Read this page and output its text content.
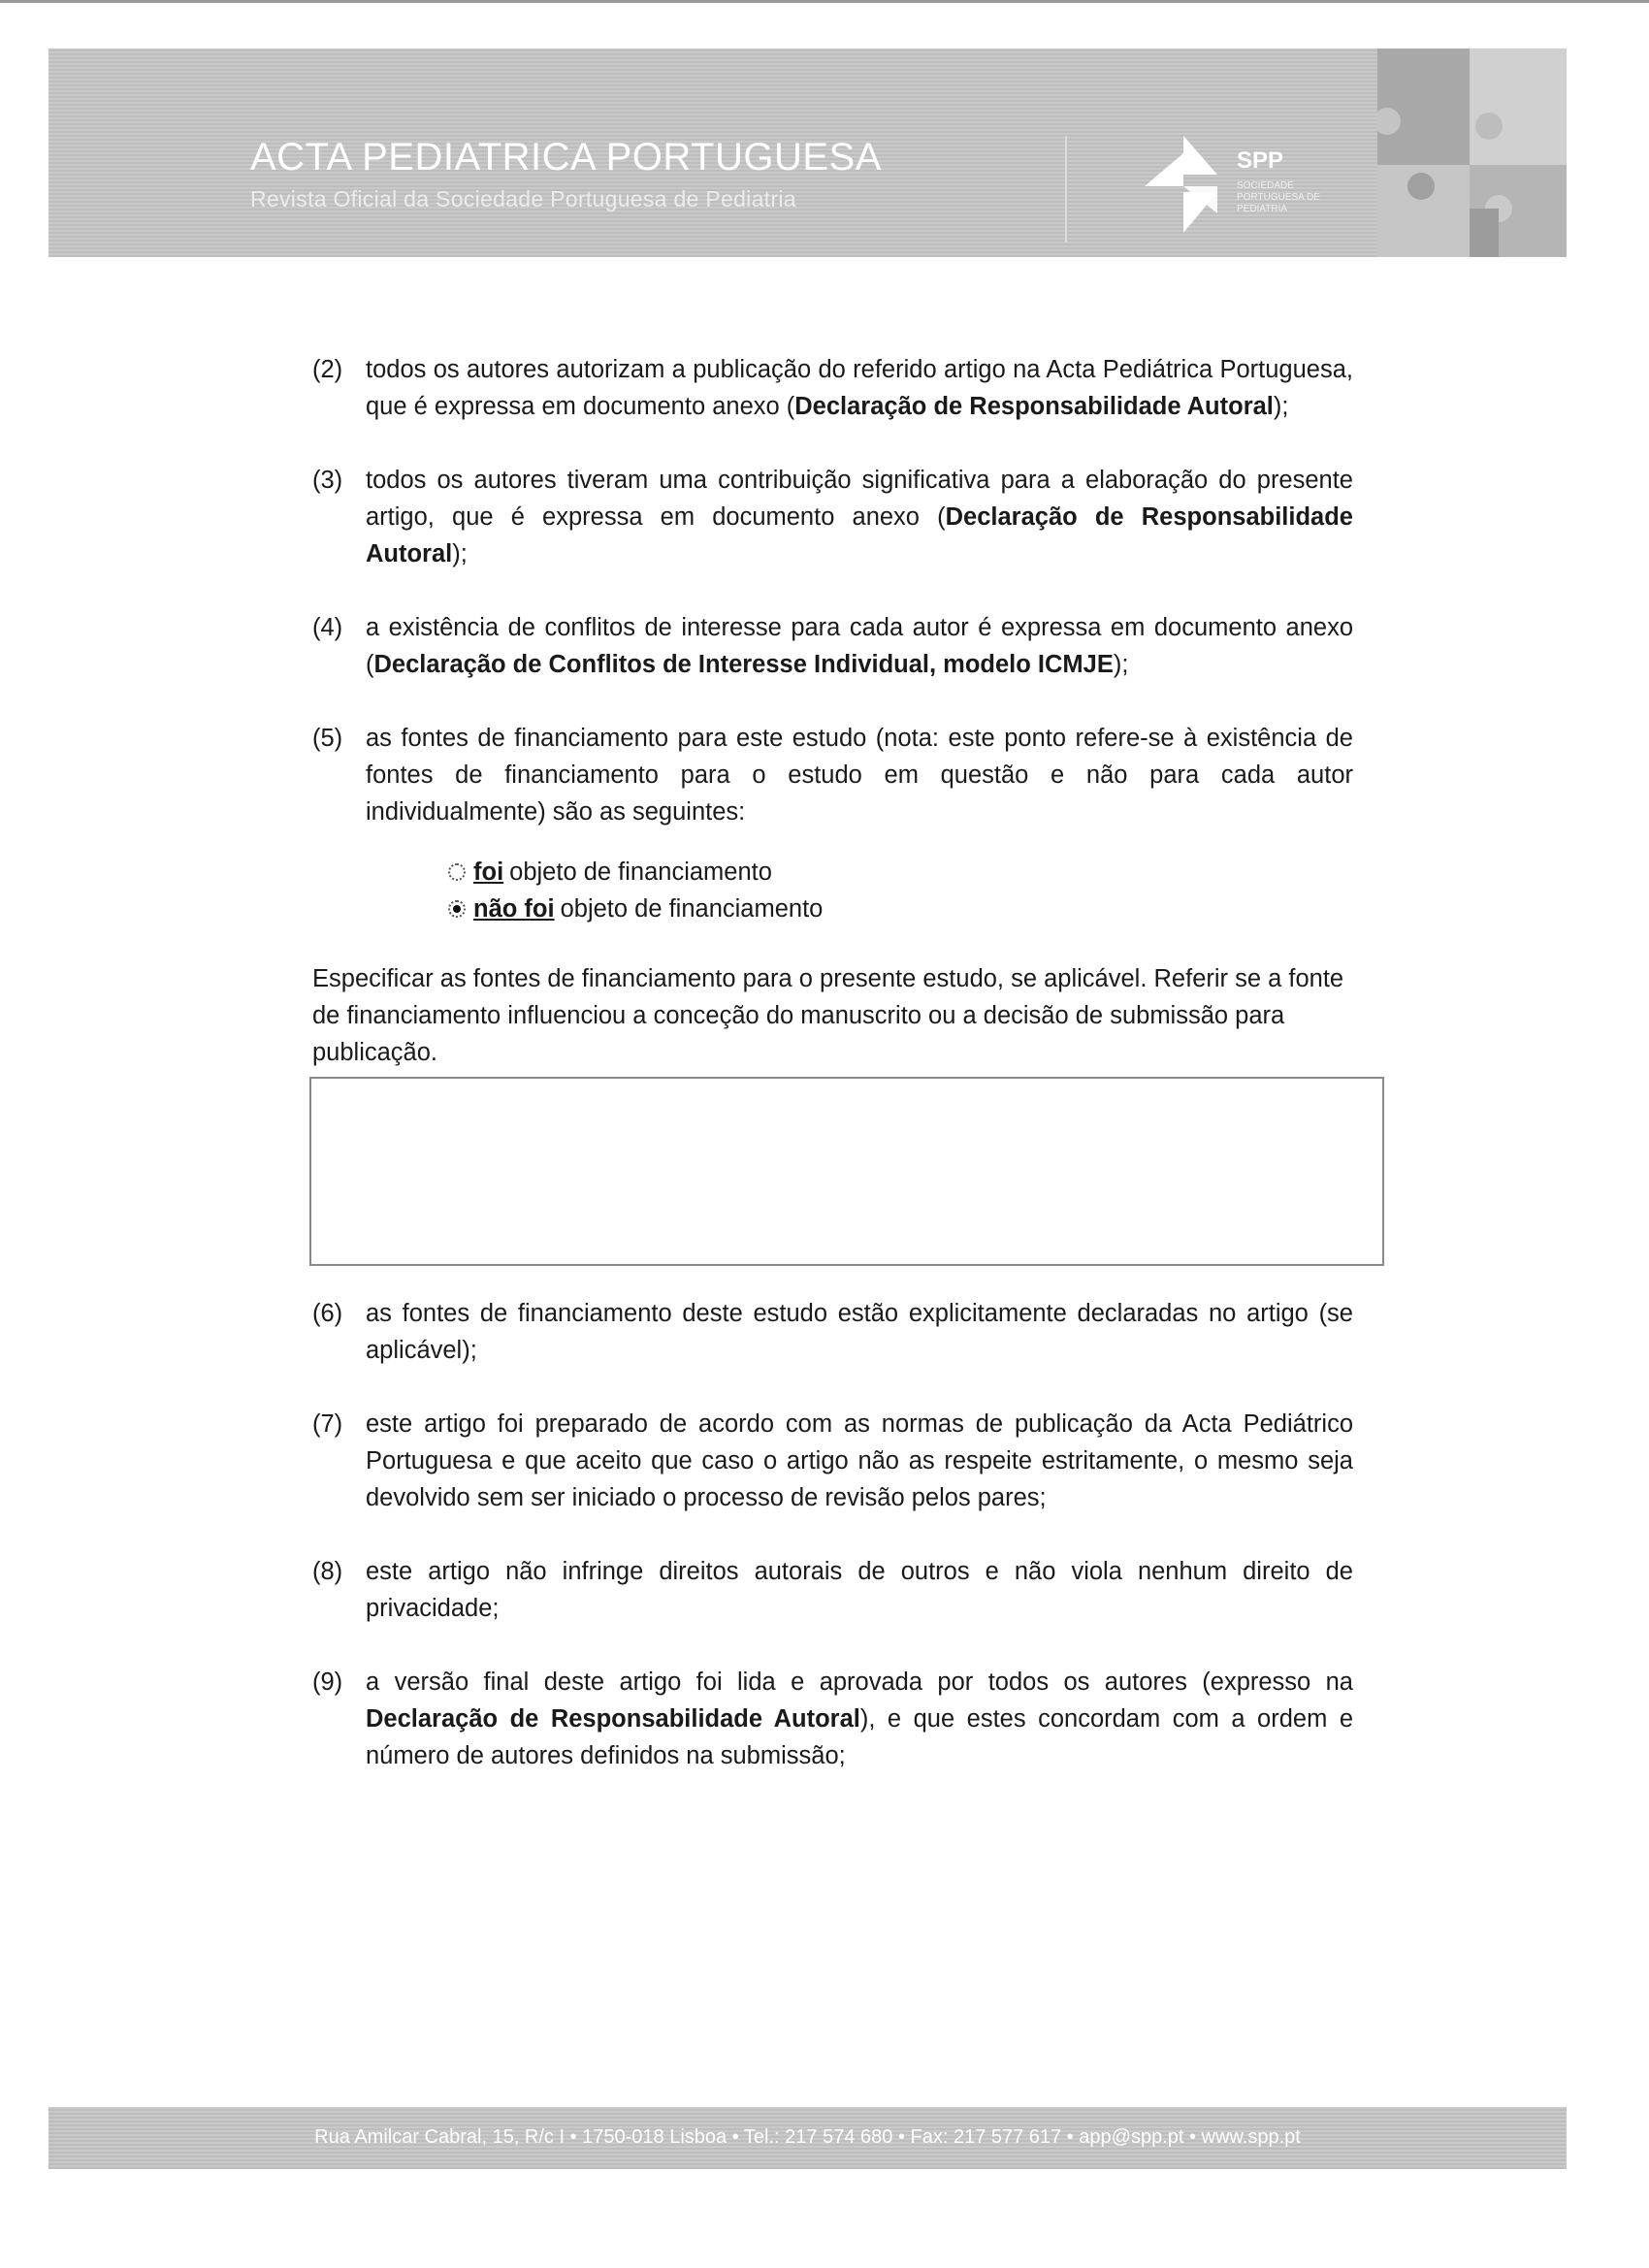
ACTA PEDIATRICA PORTUGUESA
Revista Oficial da Sociedade Portuguesa de Pediatria
SPP
SOCIEDADE PORTUGUESA DE PEDIATRIA
(2) todos os autores autorizam a publicação do referido artigo na Acta Pediátrica Portuguesa, que é expressa em documento anexo (Declaração de Responsabilidade Autoral);
(3) todos os autores tiveram uma contribuição significativa para a elaboração do presente artigo, que é expressa em documento anexo (Declaração de Responsabilidade Autoral);
(4) a existência de conflitos de interesse para cada autor é expressa em documento anexo (Declaração de Conflitos de Interesse Individual, modelo ICMJE);
(5) as fontes de financiamento para este estudo (nota: este ponto refere-se à existência de fontes de financiamento para o estudo em questão e não para cada autor individualmente) são as seguintes:
foi objeto de financiamento
não foi objeto de financiamento
Especificar as fontes de financiamento para o presente estudo, se aplicável. Referir se a fonte de financiamento influenciou a conceção do manuscrito ou a decisão de submissão para publicação.
(6) as fontes de financiamento deste estudo estão explicitamente declaradas no artigo (se aplicável);
(7) este artigo foi preparado de acordo com as normas de publicação da Acta Pediátrico Portuguesa e que aceito que caso o artigo não as respeite estritamente, o mesmo seja devolvido sem ser iniciado o processo de revisão pelos pares;
(8) este artigo não infringe direitos autorais de outros e não viola nenhum direito de privacidade;
(9) a versão final deste artigo foi lida e aprovada por todos os autores (expresso na Declaração de Responsabilidade Autoral), e que estes concordam com a ordem e número de autores definidos na submissão;
Rua Amilcar Cabral, 15, R/c I • 1750-018 Lisboa • Tel.: 217 574 680 • Fax: 217 577 617 • app@spp.pt • www.spp.pt
